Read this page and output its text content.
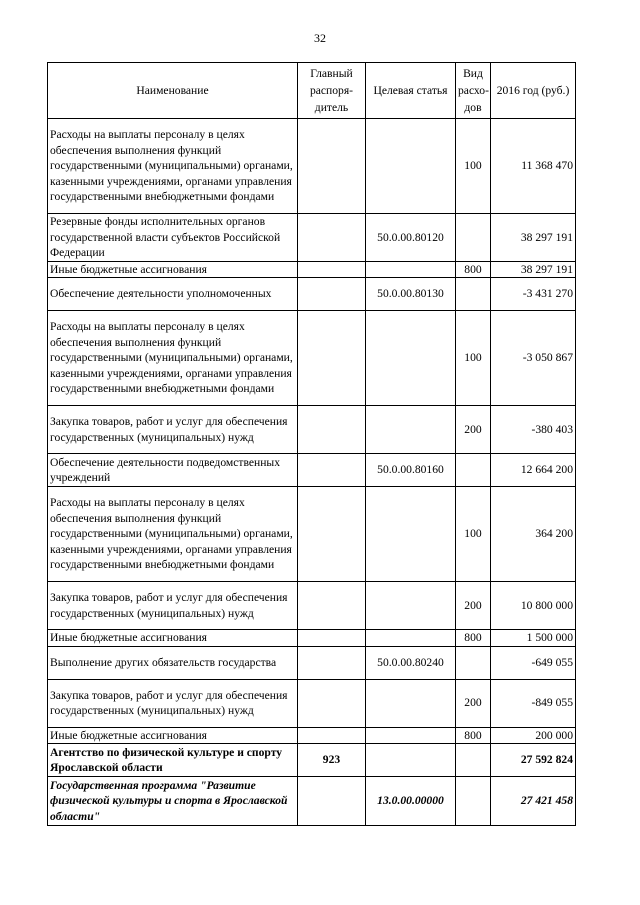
32
Наименование	Главный распоря- дитель	Целевая статья	Вид расхо- дов	2016 год (руб.)
Расходы на выплаты персоналу в целях обеспечения выполнения функций государственными (муниципальными) органами, казенными учреждениями, органами управления государственными внебюджетными фондами			100	11 368 470
Резервные фонды исполнительных органов государственной власти субъектов Российской Федерации		50.0.00.80120		38 297 191
Иные бюджетные ассигнования			800	38 297 191
Обеспечение деятельности уполномоченных		50.0.00.80130		-3 431 270
Расходы на выплаты персоналу в целях обеспечения выполнения функций государственными (муниципальными) органами, казенными учреждениями, органами управления государственными внебюджетными фондами			100	-3 050 867
Закупка товаров, работ и услуг для обеспечения государственных (муниципальных) нужд			200	-380 403
Обеспечение деятельности подведомственных учреждений		50.0.00.80160		12 664 200
Расходы на выплаты персоналу в целях обеспечения выполнения функций государственными (муниципальными) органами, казенными учреждениями, органами управления государственными внебюджетными фондами			100	364 200
Закупка товаров, работ и услуг для обеспечения государственных (муниципальных) нужд			200	10 800 000
Иные бюджетные ассигнования			800	1 500 000
Выполнение других обязательств государства		50.0.00.80240		-649 055
Закупка товаров, работ и услуг для обеспечения государственных (муниципальных) нужд			200	-849 055
Иные бюджетные ассигнования			800	200 000
Агентство по физической культуре и спорту Ярославской области	923			27 592 824
Государственная программа "Развитие физической культуры и спорта в Ярославской области"		13.0.00.00000		27 421 458
